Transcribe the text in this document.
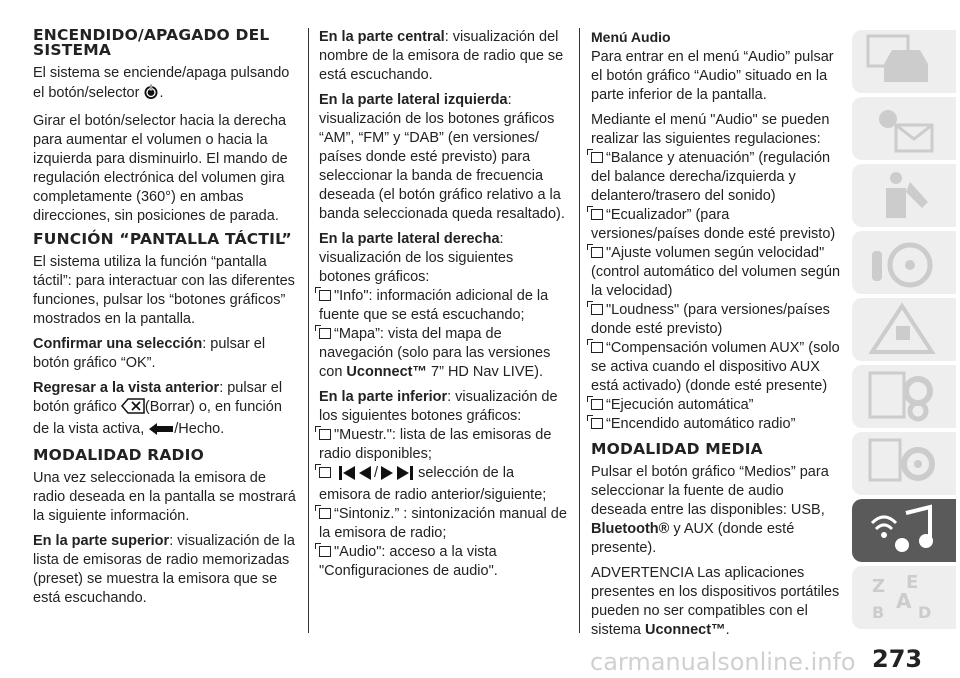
ENCENDIDO/APAGADO DEL SISTEMA

El sistema se enciende/apaga pulsando el botón/selector .

Girar el botón/selector hacia la derecha para aumentar el volumen o hacia la izquierda para disminuirlo. El mando de regulación electrónica del volumen gira completamente (360°) en ambas direcciones, sin posiciones de parada.

FUNCIÓN “PANTALLA TÁCTIL”

El sistema utiliza la función “pantalla táctil”: para interactuar con las diferentes funciones, pulsar los “botones gráficos” mostrados en la pantalla.

Confirmar una selección: pulsar el botón gráfico “OK”.

Regresar a la vista anterior: pulsar el botón gráfico (Borrar) o, en función de la vista activa, /Hecho.

MODALIDAD RADIO

Una vez seleccionada la emisora de radio deseada en la pantalla se mostrará la siguiente información.

En la parte superior: visualización de la lista de emisoras de radio memorizadas (preset) se muestra la emisora que se está escuchando.

En la parte central: visualización del nombre de la emisora de radio que se está escuchando.

En la parte lateral izquierda: visualización de los botones gráficos “AM”, “FM” y “DAB” (en versiones/ países donde esté previsto) para seleccionar la banda de frecuencia deseada (el botón gráfico relativo a la banda seleccionada queda resaltado).

En la parte lateral derecha: visualización de los siguientes botones gráficos:

"Info": información adicional de la fuente que se está escuchando;
“Mapa”: vista del mapa de navegación (solo para las versiones con Uconnect™ 7” HD Nav LIVE).

En la parte inferior: visualización de los siguientes botones gráficos:

"Muestr.": lista de las emisoras de radio disponibles;
/	selección de la emisora de radio anterior/siguiente;
“Sintoniz.” : sintonización manual de la emisora de radio;
"Audio": acceso a la vista "Configuraciones de audio".
Menú Audio

Para entrar en el menú “Audio” pulsar el botón gráfico “Audio” situado en la parte inferior de la pantalla.

Mediante el menú "Audio" se pueden realizar las siguientes regulaciones:

“Balance y atenuación” (regulación del balance derecha/izquierda y delantero/trasero del sonido)
“Ecualizador” (para versiones/países donde esté previsto)
"Ajuste volumen según velocidad" (control automático del volumen según la velocidad)
"Loudness" (para versiones/países donde esté previsto)
“Compensación volumen AUX” (solo se activa cuando el dispositivo AUX está activado) (donde esté presente)
“Ejecución automática”
“Encendido automático radio”
MODALIDAD MEDIA

Pulsar el botón gráfico “Medios” para seleccionar la fuente de audio deseada entre las disponibles: USB, Bluetooth® y AUX (donde esté presente).

ADVERTENCIA Las aplicaciones presentes en los dispositivos portátiles pueden no ser compatibles con el sistema Uconnect™.

Z E
A
B D
carmanualsonline.info 273
